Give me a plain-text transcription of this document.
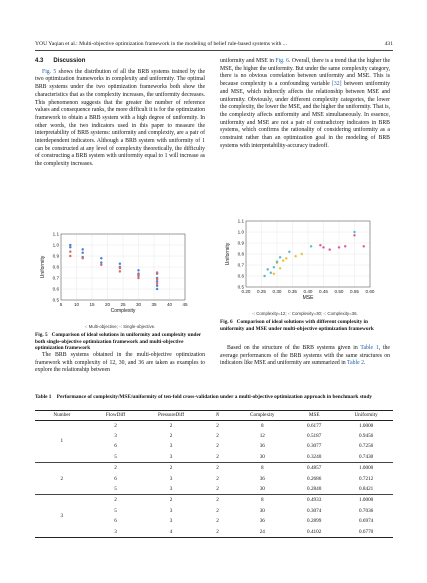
YOU Yaqian et al.: Multi-objective optimization framework in the modeling of belief rule-based systems with ...	431
4.3 Discussion

Fig. 5 shows the distribution of all the BRB systems trained by the two optimization frameworks in complexity and uniformity. The optimal BRB systems under the two optimization frameworks both show the characteristics that as the complexity increases, the uniformity decreases. This phenomenon suggests that the greater the number of reference values and consequence ranks, the more difficult it is for the optimization framework to obtain a BRB system with a high degree of uniformity. In other words, the two indicators used in this paper to measure the interpretability of BRB systems: uniformity and complexity, are a pair of interdependent indicators. Although a BRB system with uniformity of 1 can be constructed at any level of complexity theoretically, the difficulty of constructing a BRB system with uniformity equal to 1 will increase as the complexity increases.

uniformity and MSE in Fig. 6. Overall, there is a trend that the higher the MSE, the higher the uniformity. But under the same complexity category, there is no obvious correlation between uniformity and MSE. This is because complexity is a confounding variable [32] between uniformity and MSE, which indirectly affects the relationship between MSE and uniformity. Obviously, under different complexity categories, the lower the complexity, the lower the MSE, and the higher the uniformity. That is, the complexity affects uniformity and MSE simultaneously. In essence, uniformity and MSE are not a pair of contradictory indicators in BRB systems, which confirms the rationality of considering uniformity as a constraint rather than an optimization goal in the modeling of BRB systems with interpretability-accuracy tradeoff.

5	10 15 20 25 30 35 40 45
0.5
0.6
0.7
0.8
0.9
1.0
1.1
Complexity
Uniformity
◦: Multi-objective; ◦: Single-objective.
Fig. 5 Comparison of ideal solutions in uniformity and complexity under both single-objective optimization framework and multi-objective optimization framework
0.20 0.25 0.30 0.35 0.40 0.45 0.50 0.55 0.60
0.5
0.6
0.7
0.8
0.9
1.0
1.1
MSE
Uniformity
◦: Complexity=12; ◦: Complexity=30; ◦: Complexity=36.
Fig. 6 Comparison of ideal solutions with different complexity in uniformity and MSE under multi-objective optimization framework

The BRB systems obtained in the multi-objective optimization framework with complexity of 12, 30, and 36 are taken as examples to explore the relationship between

Based on the structure of the BRB systems given in Table 1, the average performances of the BRB systems with the same structures on indicators like MSE and uniformity are summarized in Table 2.

Table 1 Performance of complexity/MSE/uniformity of ten-fold cross-validation under a multi-objective optimization approach in benchmark study
Number	FlowDiff	PressureDiff	N	Complexity	MSE	Uniformity
1	2	2	2	8	0.6177	1.0000
	3	2	2	12	0.5187	0.9456
	6	3	2	36	0.3077	0.7256
	5	3	2	30	0.3240	0.7430
2	2	2	2	8	0.4857	1.0000
	6	3	2	36	0.2686	0.7212
	5	3	2	30	0.2840	0.8421
3	2	2	2	8	0.4933	1.0000
	5	3	2	30	0.3074	0.7036
	6	3	2	36	0.2899	0.6974
	3	4	2	24	0.4102	0.6770
